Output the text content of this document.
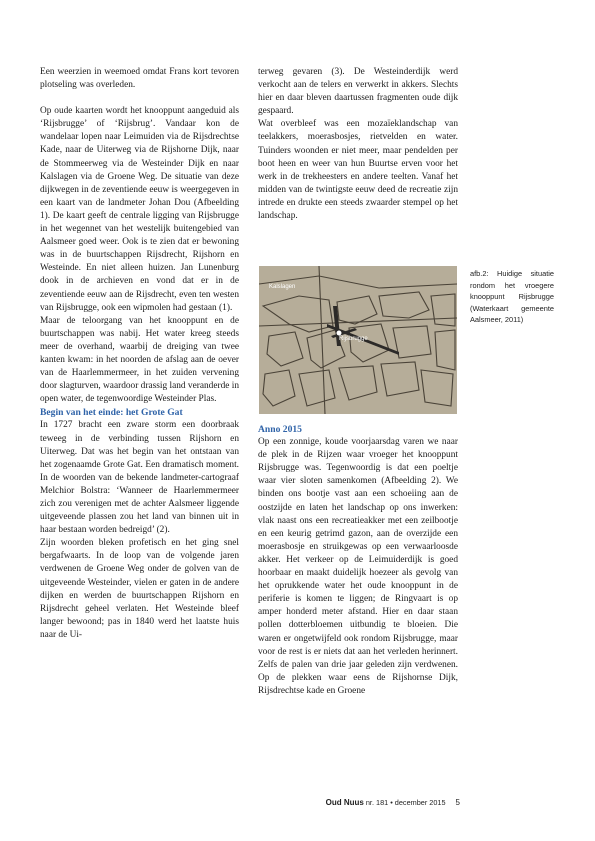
Een weerzien in weemoed omdat Frans kort tevoren plotseling was overleden.

Op oude kaarten wordt het knooppunt aangeduid als ‘Rijsbrugge’ of ‘Rijsbrug’. Vandaar kon de wandelaar lopen naar Leimuiden via de Rijsdrechtse Kade, naar de Uiterweg via de Rijshorne Dijk, naar de Stommeerweg via de Westeinder Dijk en naar Kalslagen via de Groene Weg. De situatie van deze dijkwegen in de zeventiende eeuw is weergegeven in een kaart van de landmeter Johan Dou (Afbeelding 1). De kaart geeft de centrale ligging van Rijsbrugge in het wegennet van het westelijk buitengebied van Aalsmeer goed weer. Ook is te zien dat er bewoning was in de buurtschappen Rijsdrecht, Rijshorn en Westeinde. En niet alleen huizen. Jan Lunenburg dook in de archieven en vond dat er in de zeventiende eeuw aan de Rijsdrecht, even ten westen van Rijsbrugge, ook een wipmolen had gestaan (1).

Maar de teloorgang van het knooppunt en de buurtschappen was nabij. Het water kreeg steeds meer de overhand, waarbij de dreiging van twee kanten kwam: in het noorden de afslag aan de oever van de Haarlemmermeer, in het zuiden vervening door slagturven, waardoor drassig land veranderde in open water, de tegenwoordige Westeinder Plas.

Begin van het einde: het Grote Gat

In 1727 bracht een zware storm een doorbraak teweeg in de verbinding tussen Rijshorn en Uiterweg. Dat was het begin van het ontstaan van het zogenaamde Grote Gat. Een dramatisch moment. In de woorden van de bekende landmeter-cartograaf Melchior Bolstra: ‘Wanneer de Haarlemmermeer zich zou verenigen met de achter Aalsmeer liggende uitgeveende plassen zou het land van binnen uit in haar bestaan worden bedreigd’ (2).

Zijn woorden bleken profetisch en het ging snel bergafwaarts. In de loop van de volgende jaren verdwenen de Groene Weg onder de golven van de uitgeveende Westeinder, vielen er gaten in de andere dijken en werden de buurtschappen Rijshorn en Rijsdrecht geheel verlaten. Het Westeinde bleef langer bewoond; pas in 1840 werd het laatste huis naar de Ui-

terweg gevaren (3). De Westeinderdijk werd verkocht aan de telers en verwerkt in akkers. Slechts hier en daar bleven daartussen fragmenten oude dijk gespaard.

Wat overbleef was een mozaïeklandschap van teelakkers, moerasbosjes, rietvelden en water. Tuinders woonden er niet meer, maar pendelden per boot heen en weer van hun Buurtse erven voor het werk in de trekheesters en andere teelten. Vanaf het midden van de twintigste eeuw deed de recreatie zijn intrede en drukte een steeds zwaarder stempel op het landschap.

Kalslagen
Rijsbrugge
afb.2: Huidige situatie rondom het vroegere knooppunt Rijsbrugge (Waterkaart gemeente Aalsmeer, 2011)

Anno 2015

Op een zonnige, koude voorjaarsdag varen we naar de plek in de Rijzen waar vroeger het knooppunt Rijsbrugge was. Tegenwoordig is dat een poeltje waar vier sloten samenkomen (Afbeelding 2). We binden ons bootje vast aan een schoeiing aan de oostzijde en laten het landschap op ons inwerken: vlak naast ons een recreatieakker met een zeilbootje en een keurig getrimd gazon, aan de overzijde een moerasbosje en struikgewas op een verwaarloosde akker. Het verkeer op de Leimuiderdijk is goed hoorbaar en maakt duidelijk hoezeer als gevolg van het oprukkende water het oude knooppunt in de periferie is komen te liggen; de Ringvaart is op amper honderd meter afstand. Hier en daar staan pollen dotterbloemen uitbundig te bloeien. Die waren er ongetwijfeld ook rondom Rijsbrugge, maar voor de rest is er niets dat aan het verleden herinnert. Zelfs de palen van drie jaar geleden zijn verdwenen. Op de plekken waar eens de Rijshornse Dijk, Rijsdrechtse kade en Groene

Oud Nuus nr. 181 • december 2015 5
